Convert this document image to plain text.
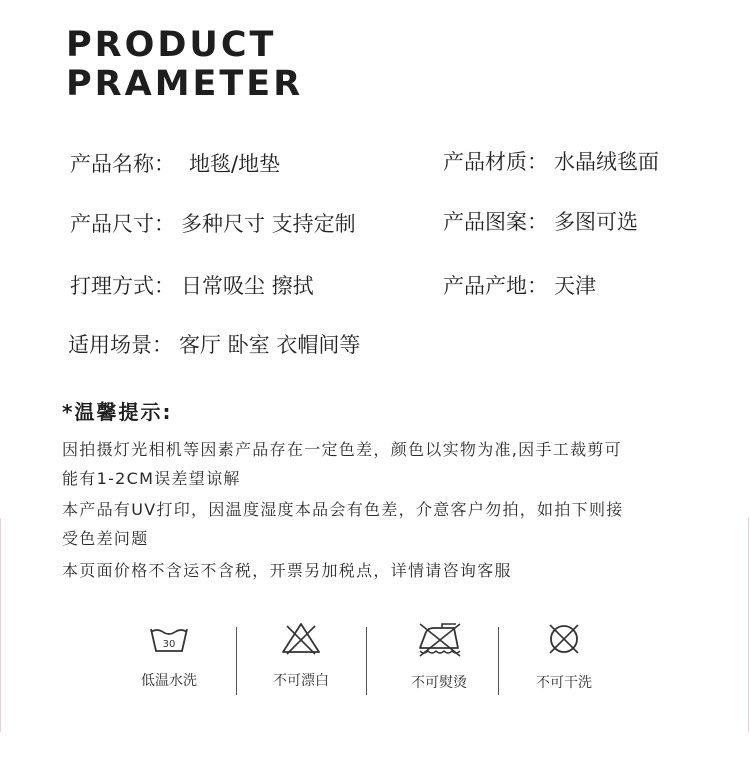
PRODUCT
PRAMETER
产品名称： 地毯/地垫	产品材质： 水晶绒毯面
产品尺寸： 多种尺寸 支持定制	产品图案： 多图可选
打理方式： 日常吸尘 擦拭	产品产地： 天津
适用场景： 客厅 卧室 衣帽间等
*温馨提示:
因拍摄灯光相机等因素产品存在一定色差，颜色以实物为准,因手工裁剪可
能有1-2CM误差望谅解
本产品有UV打印，因温度湿度本品会有色差，介意客户勿拍，如拍下则接
受色差问题
本页面价格不含运不含税，开票另加税点，详情请咨询客服
30
低温水洗	不可漂白	不可熨烫	不可干洗
